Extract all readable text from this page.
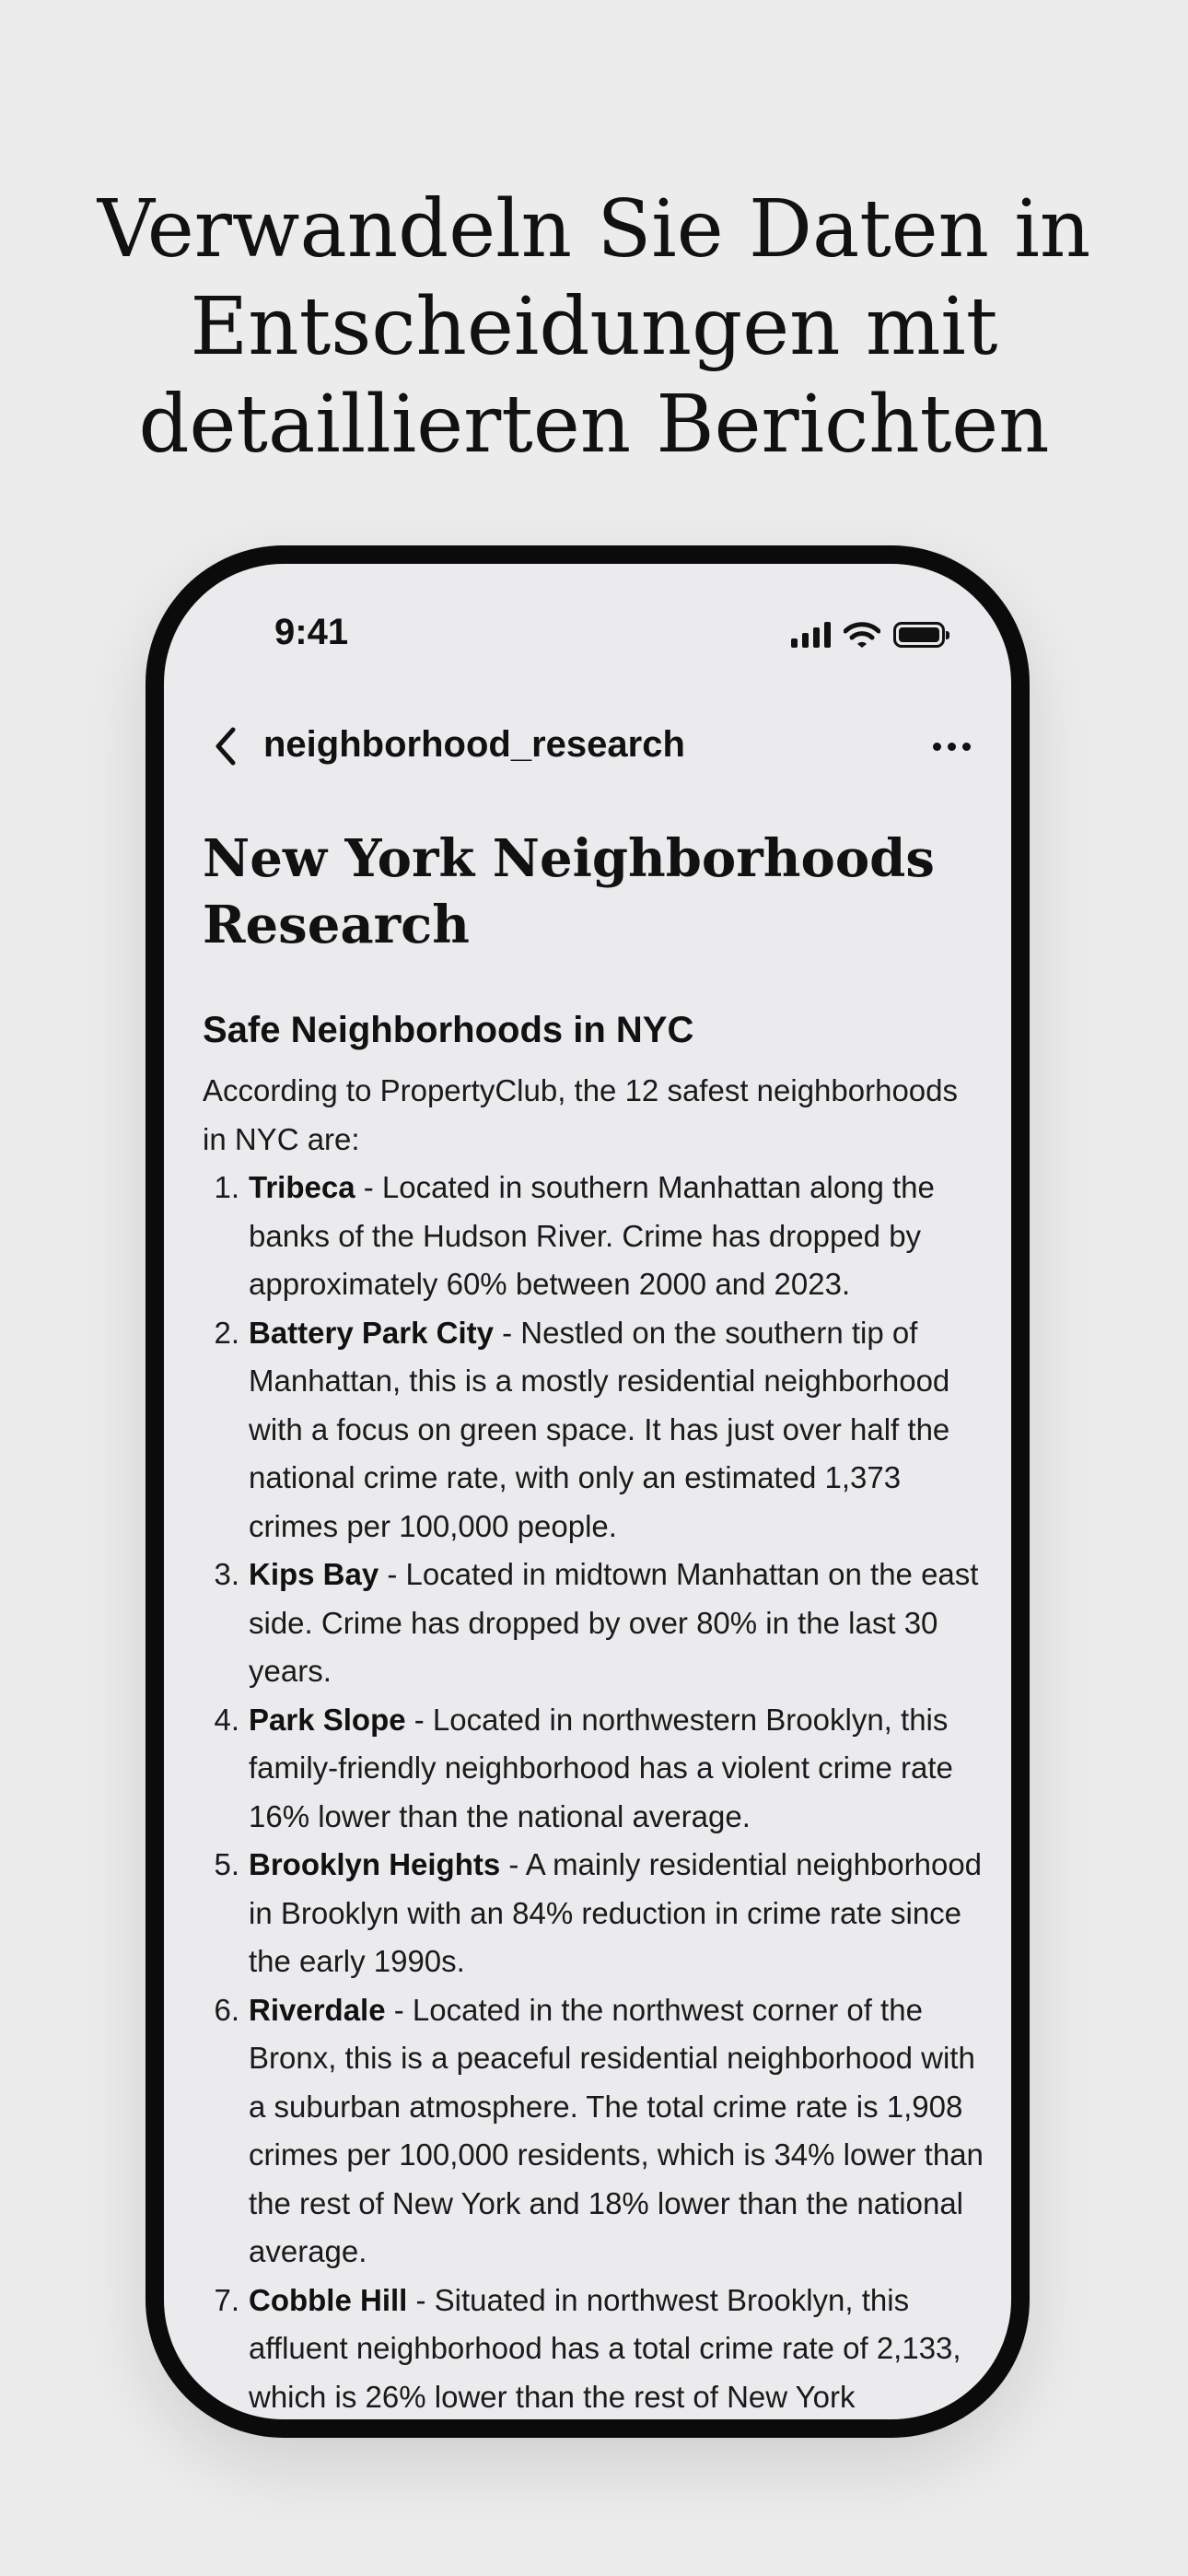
Verwandeln Sie Daten in
Entscheidungen mit
detaillierten Berichten
9:41
neighborhood_research
New York Neighborhoods
Research
Safe Neighborhoods in NYC

According to PropertyClub, the 12 safest neighborhoods in NYC are:

1. Tribeca - Located in southern Manhattan along the banks of the Hudson River. Crime has dropped by approximately 60% between 2000 and 2023.
2. Battery Park City - Nestled on the southern tip of Manhattan, this is a mostly residential neighborhood with a focus on green space. It has just over half the national crime rate, with only an estimated 1,373 crimes per 100,000 people.
3. Kips Bay - Located in midtown Manhattan on the east side. Crime has dropped by over 80% in the last 30 years.
4. Park Slope - Located in northwestern Brooklyn, this family-friendly neighborhood has a violent crime rate 16% lower than the national average.
5. Brooklyn Heights - A mainly residential neighborhood in Brooklyn with an 84% reduction in crime rate since the early 1990s.
6. Riverdale - Located in the northwest corner of the Bronx, this is a peaceful residential neighborhood with a suburban atmosphere. The total crime rate is 1,908 crimes per 100,000 residents, which is 34% lower than the rest of New York and 18% lower than the national average.
7. Cobble Hill - Situated in northwest Brooklyn, this affluent neighborhood has a total crime rate of 2,133, which is 26% lower than the rest of New York
